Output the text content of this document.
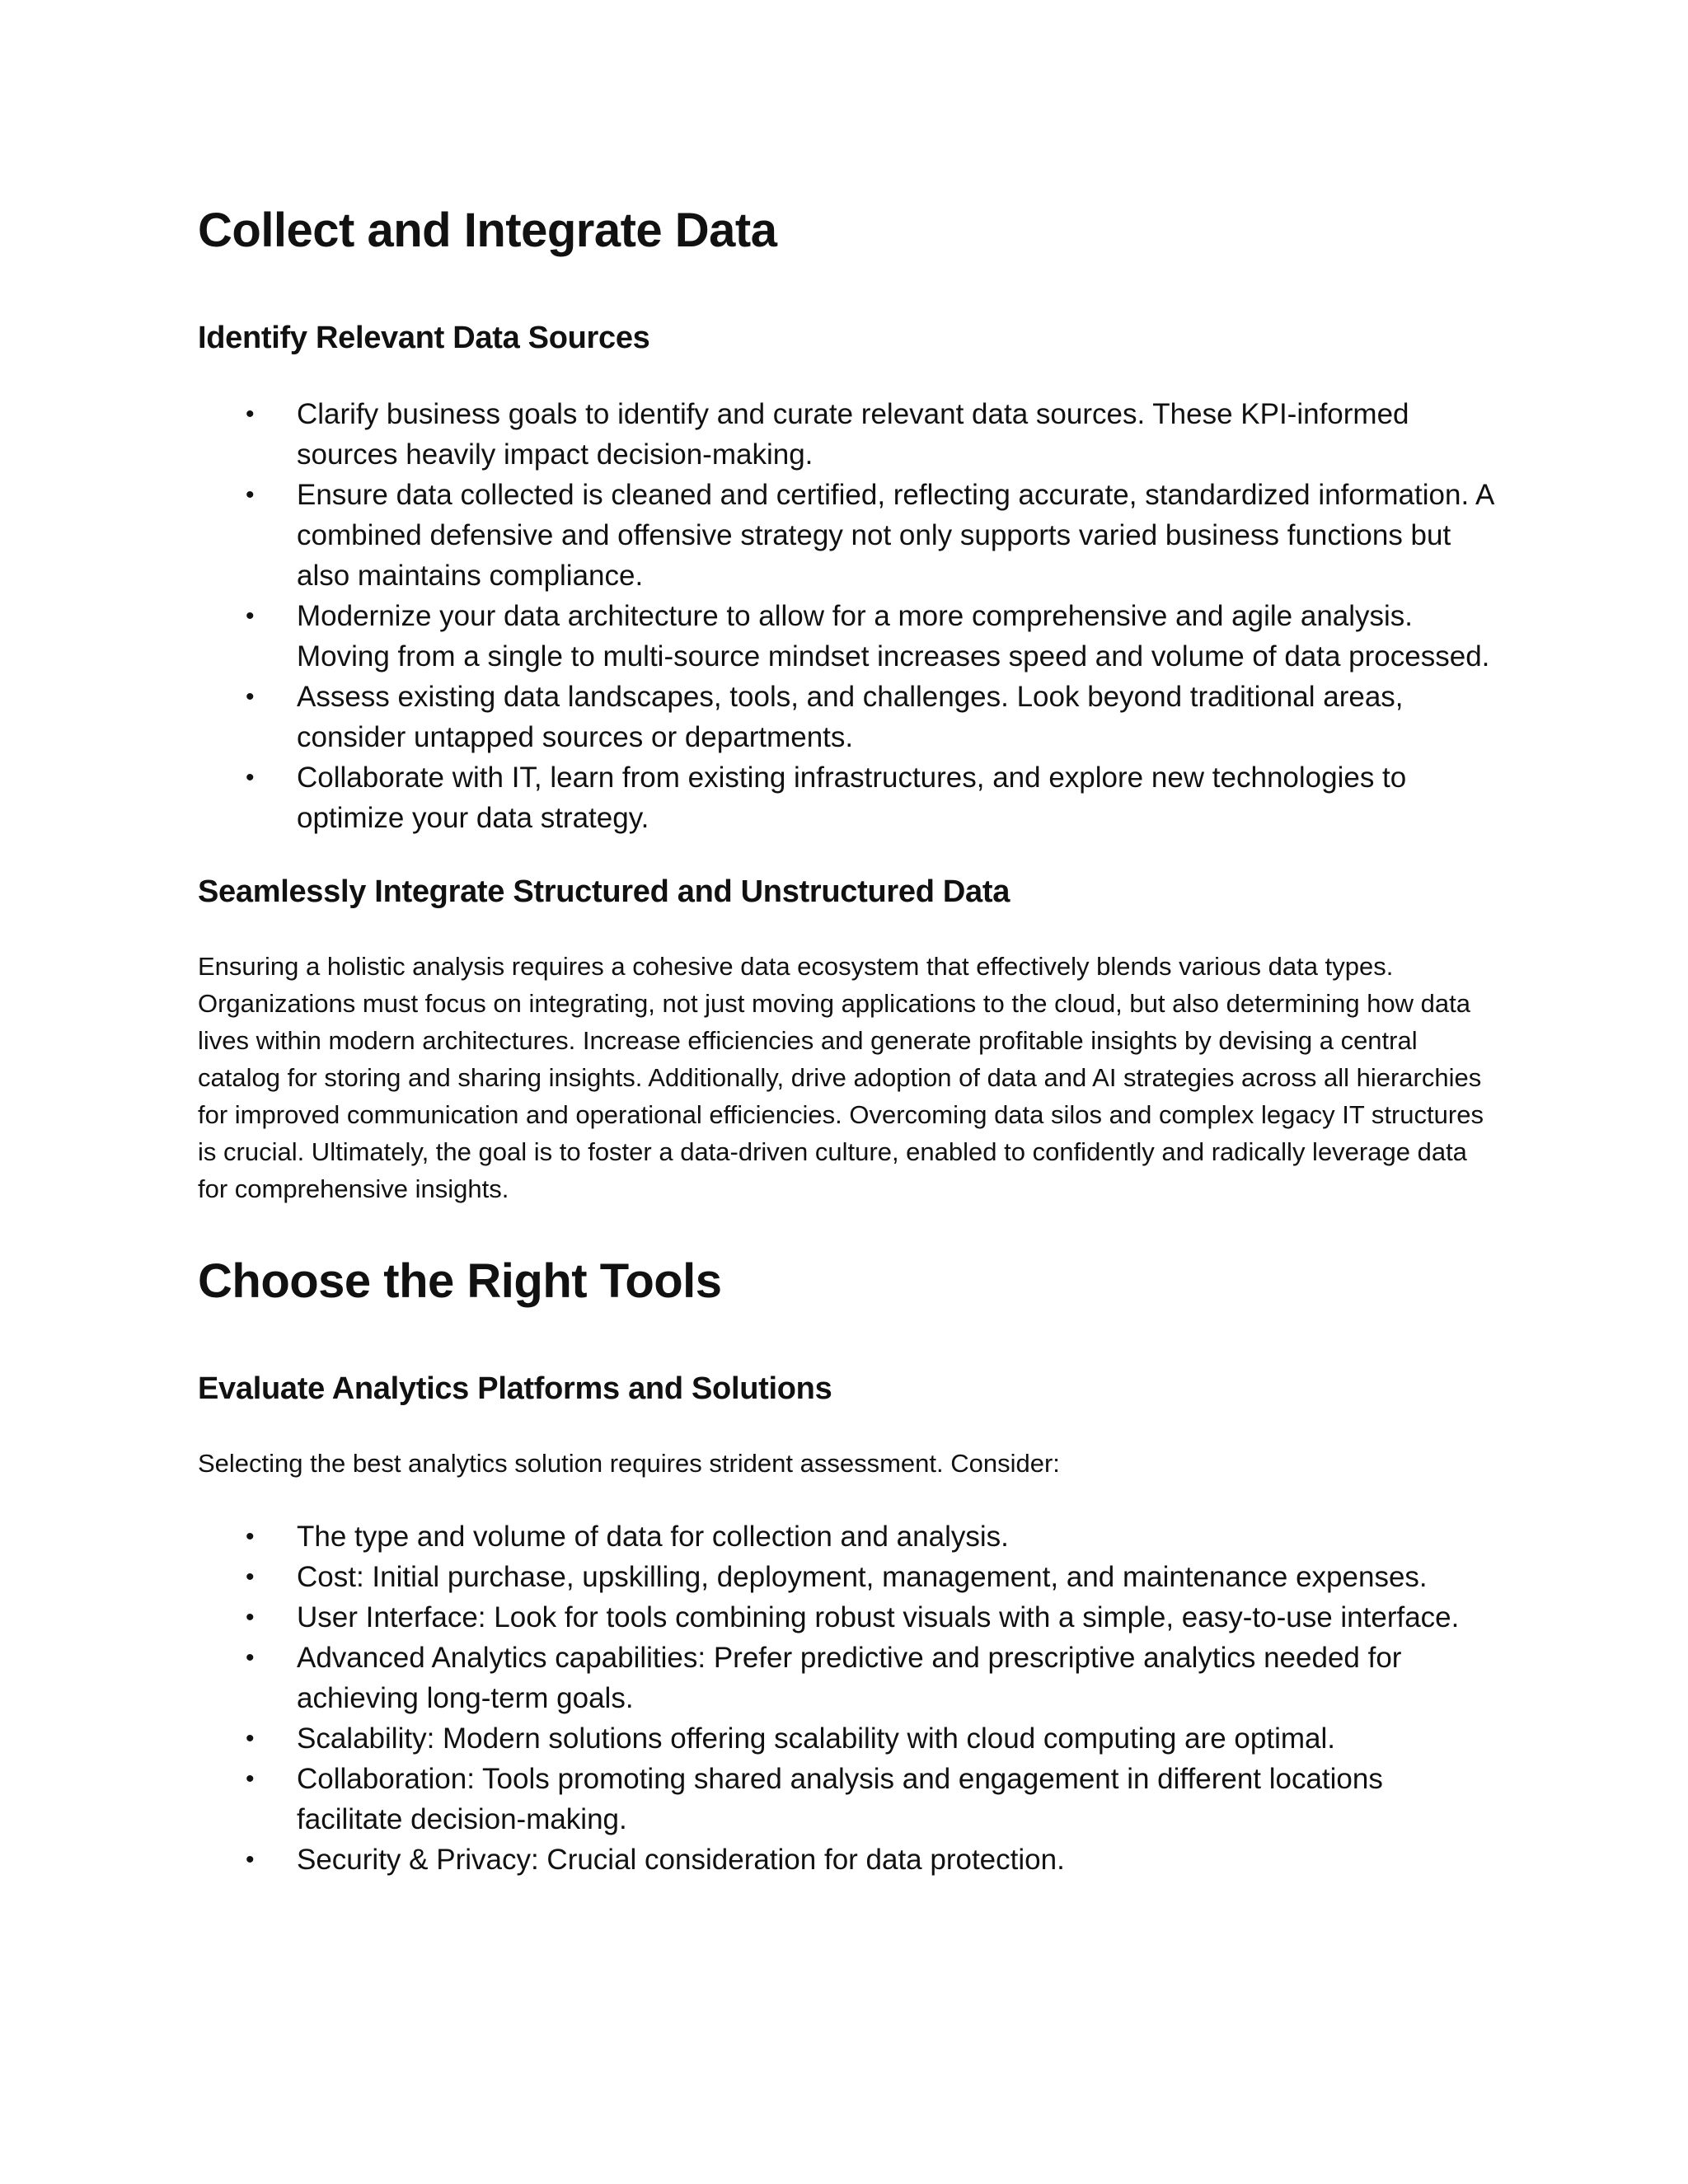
Collect and Integrate Data
Identify Relevant Data Sources
• Clarify business goals to identify and curate relevant data sources. These KPI-informed sources heavily impact decision-making.
• Ensure data collected is cleaned and certified, reflecting accurate, standardized information. A combined defensive and offensive strategy not only supports varied business functions but also maintains compliance.
• Modernize your data architecture to allow for a more comprehensive and agile analysis. Moving from a single to multi-source mindset increases speed and volume of data processed.
• Assess existing data landscapes, tools, and challenges. Look beyond traditional areas, consider untapped sources or departments.
• Collaborate with IT, learn from existing infrastructures, and explore new technologies to optimize your data strategy.
Seamlessly Integrate Structured and Unstructured Data

Ensuring a holistic analysis requires a cohesive data ecosystem that effectively blends various data types. Organizations must focus on integrating, not just moving applications to the cloud, but also determining how data lives within modern architectures. Increase efficiencies and generate profitable insights by devising a central catalog for storing and sharing insights. Additionally, drive adoption of data and AI strategies across all hierarchies for improved communication and operational efficiencies. Overcoming data silos and complex legacy IT structures is crucial. Ultimately, the goal is to foster a data-driven culture, enabled to confidently and radically leverage data for comprehensive insights.

Choose the Right Tools
Evaluate Analytics Platforms and Solutions

Selecting the best analytics solution requires strident assessment. Consider:

• The type and volume of data for collection and analysis.
• Cost: Initial purchase, upskilling, deployment, management, and maintenance expenses.
• User Interface: Look for tools combining robust visuals with a simple, easy-to-use interface.
• Advanced Analytics capabilities: Prefer predictive and prescriptive analytics needed for achieving long-term goals.
• Scalability: Modern solutions offering scalability with cloud computing are optimal.
• Collaboration: Tools promoting shared analysis and engagement in different locations facilitate decision-making.
• Security & Privacy: Crucial consideration for data protection.
